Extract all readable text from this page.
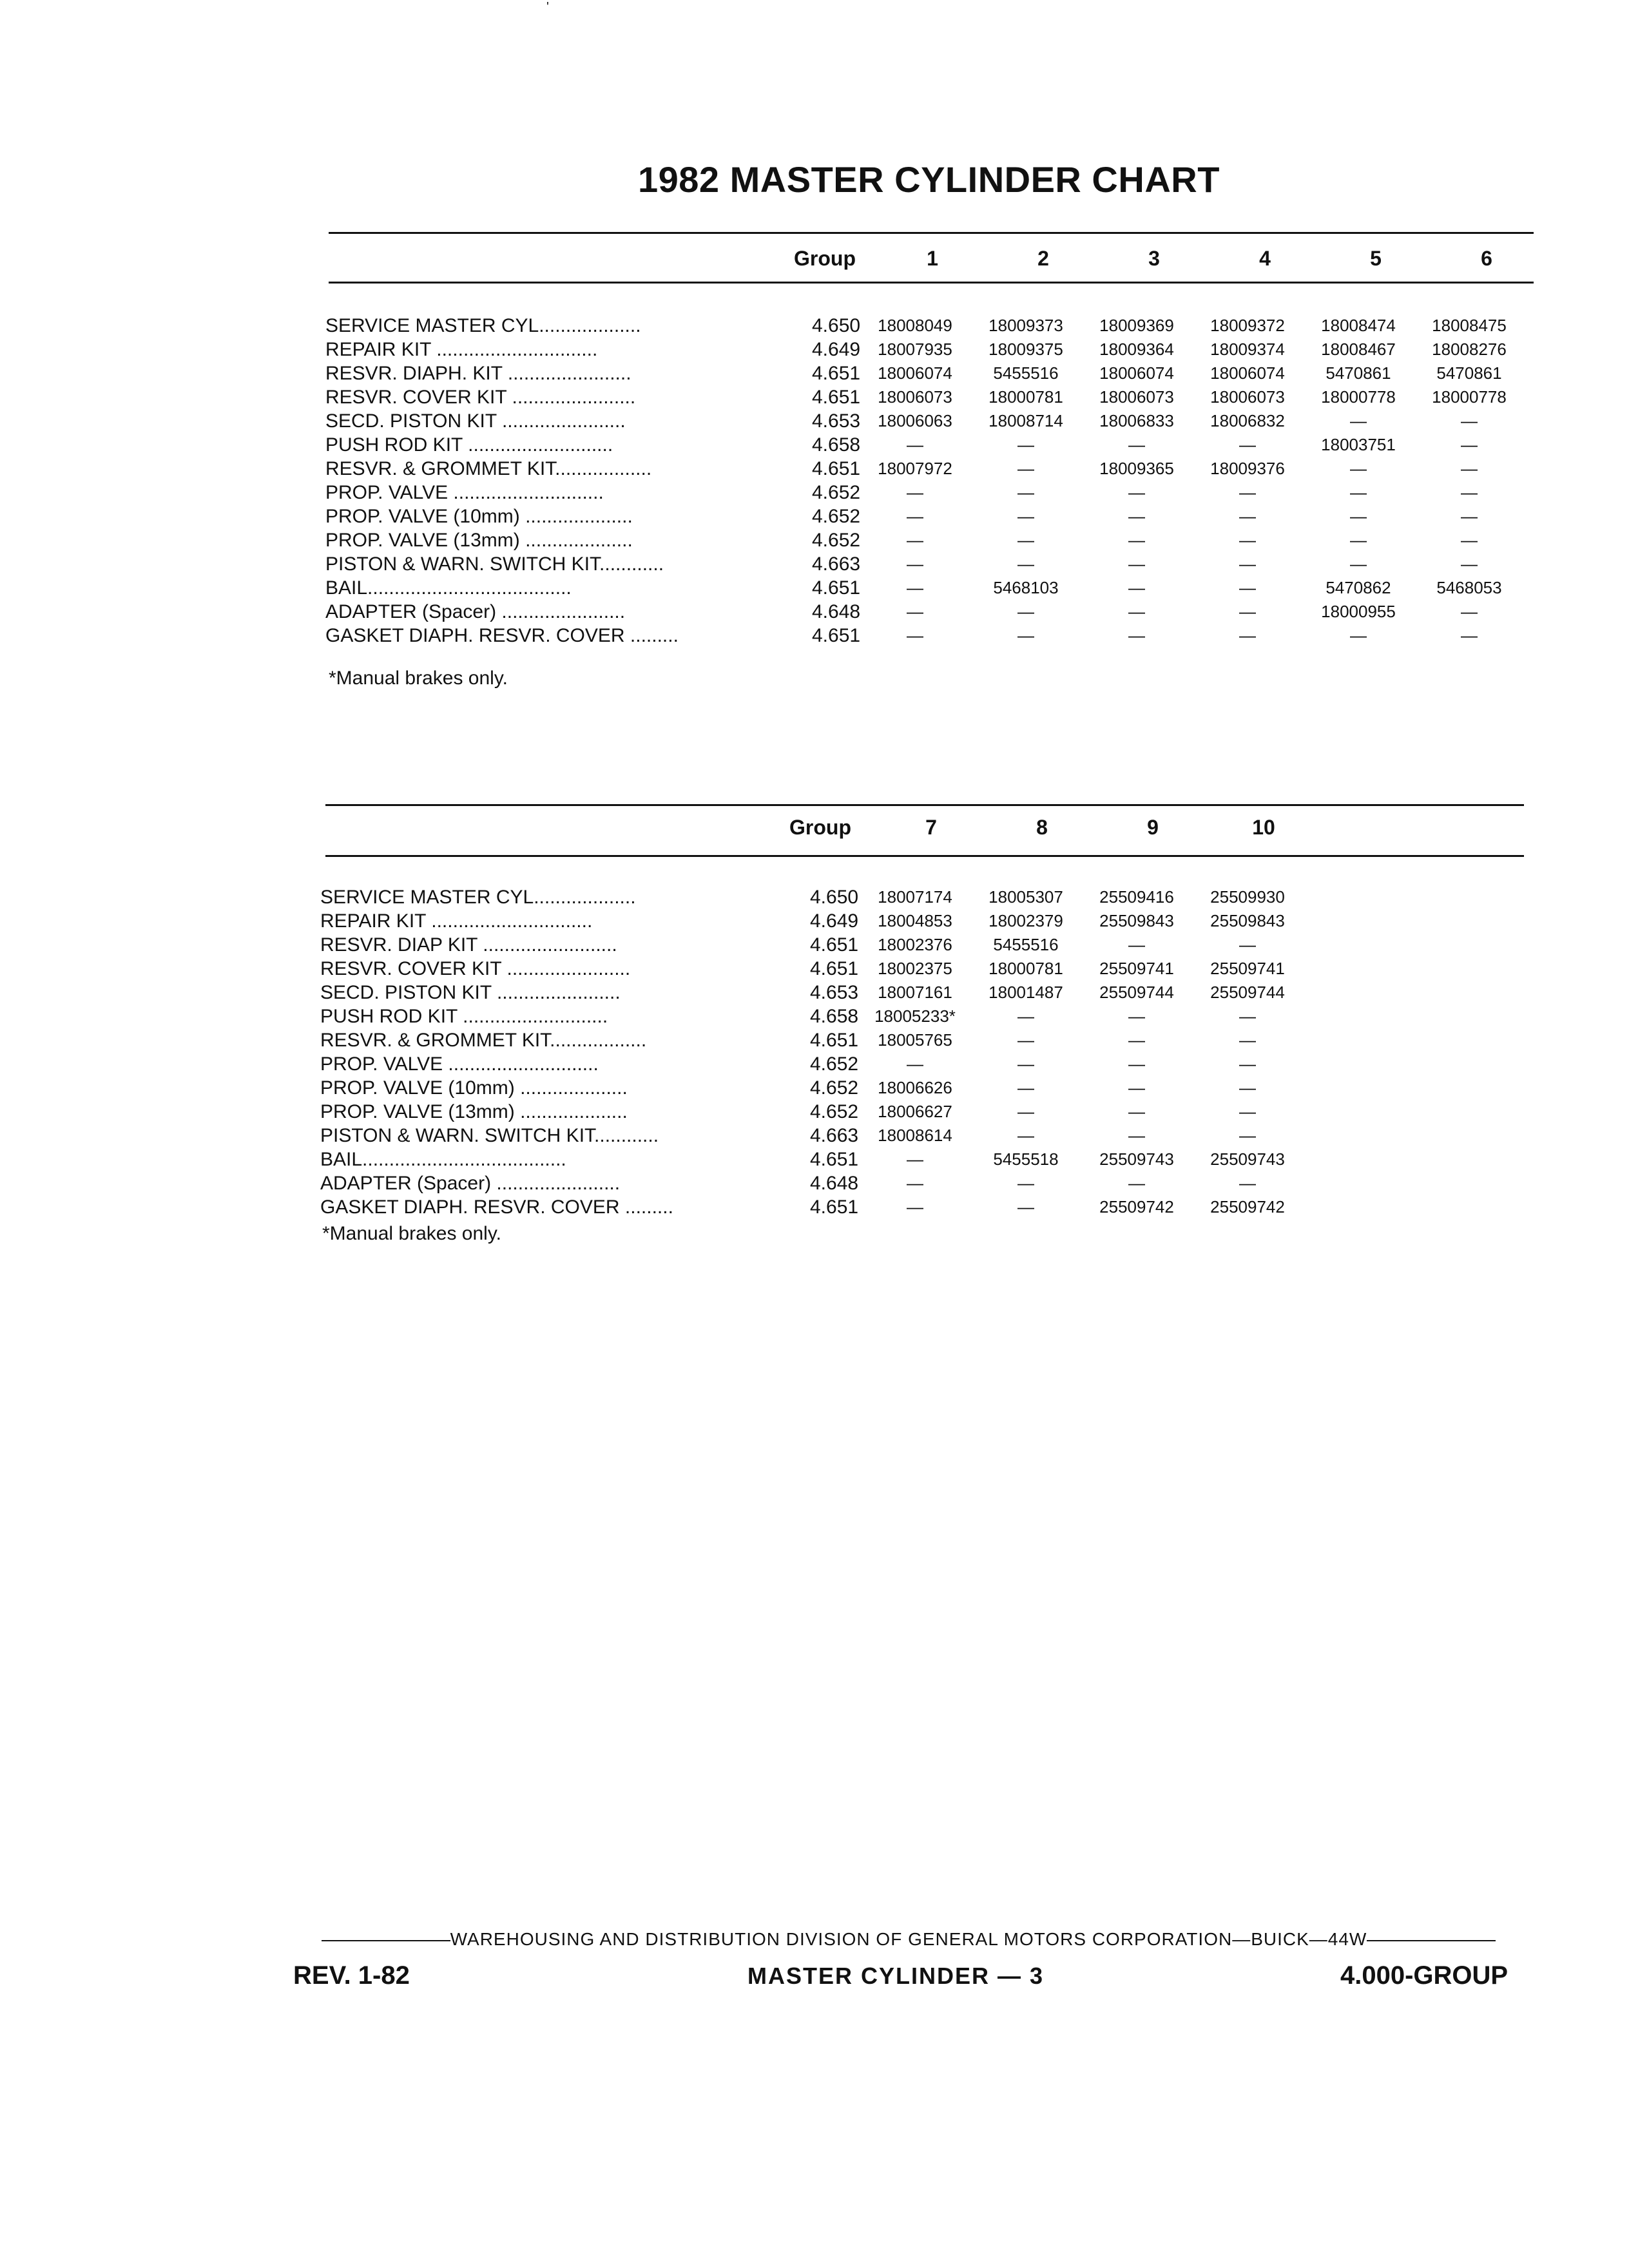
'
1982 MASTER CYLINDER CHART
Group	1	2	3	4	5	6
SERVICE MASTER CYL...................	4.650	18008049	18009373	18009369	18009372	18008474	18008475
REPAIR KIT ..............................	4.649	18007935	18009375	18009364	18009374	18008467	18008276
RESVR. DIAPH. KIT .......................	4.651	18006074	5455516	18006074	18006074	5470861	5470861
RESVR. COVER KIT .......................	4.651	18006073	18000781	18006073	18006073	18000778	18000778
SECD. PISTON KIT .......................	4.653	18006063	18008714	18006833	18006832	—	—
PUSH ROD KIT ...........................	4.658	—	—	—	—	18003751	—
RESVR. & GROMMET KIT..................	4.651	18007972	—	18009365	18009376	—	—
PROP. VALVE ............................	4.652	—	—	—	—	—	—
PROP. VALVE (10mm) ....................	4.652	—	—	—	—	—	—
PROP. VALVE (13mm) ....................	4.652	—	—	—	—	—	—
PISTON & WARN. SWITCH KIT............	4.663	—	—	—	—	—	—
BAIL......................................	4.651	—	5468103	—	—	5470862	5468053
ADAPTER (Spacer) .......................	4.648	—	—	—	—	18000955	—
GASKET DIAPH. RESVR. COVER .........	4.651	—	—	—	—	—	—
*Manual brakes only.
Group	7	8	9	10
SERVICE MASTER CYL...................	4.650	18007174	18005307	25509416	25509930
REPAIR KIT ..............................	4.649	18004853	18002379	25509843	25509843
RESVR. DIAP KIT .........................	4.651	18002376	5455516	—	—
RESVR. COVER KIT .......................	4.651	18002375	18000781	25509741	25509741
SECD. PISTON KIT .......................	4.653	18007161	18001487	25509744	25509744
PUSH ROD KIT ...........................	4.658 18005233*	—	—	—
RESVR. & GROMMET KIT..................	4.651	18005765	—	—	—
PROP. VALVE ............................	4.652	—	—	—	—
PROP. VALVE (10mm) ....................	4.652	18006626	—	—	—
PROP. VALVE (13mm) ....................	4.652	18006627	—	—	—
PISTON & WARN. SWITCH KIT............	4.663	18008614	—	—	—
BAIL......................................	4.651	—	5455518	25509743	25509743
ADAPTER (Spacer) .......................	4.648	—	—	—	—
GASKET DIAPH. RESVR. COVER .........	4.651	—	—	25509742	25509742
*Manual brakes only.
WAREHOUSING AND DISTRIBUTION DIVISION OF GENERAL MOTORS CORPORATION—BUICK—44W
REV. 1-82	MASTER CYLINDER — 3	4.000-GROUP
